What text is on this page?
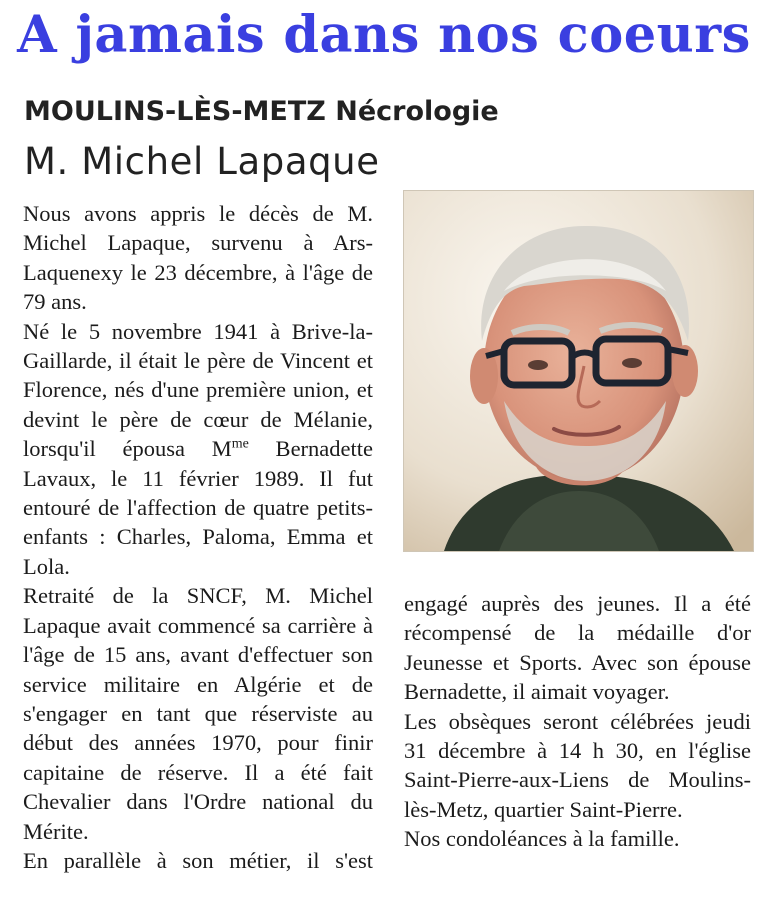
A jamais dans nos coeurs
MOULINS-LÈS-METZ Nécrologie
M. Michel Lapaque

Nous avons appris le décès de M. Michel Lapaque, survenu à Ars-Laquenexy le 23 décembre, à l'âge de 79 ans.

Né le 5 novembre 1941 à Brive-la-Gaillarde, il était le père de Vincent et Florence, nés d'une première union, et devint le père de cœur de Mélanie, lorsqu'il épousa $M^{me}$ Bernadette Lavaux, le 11 février 1989. Il fut entouré de l'affection de quatre petits-enfants : Charles, Paloma, Emma et Lola.

Retraité de la SNCF, M. Michel Lapaque avait commencé sa carrière à l'âge de 15 ans, avant d'effectuer son service militaire en Algérie et de s'engager en tant que réserviste au début des années 1970, pour finir capitaine de réserve. Il a été fait Chevalier dans l'Ordre national du Mérite.

En parallèle à son métier, il s'est

engagé auprès des jeunes. Il a été récompensé de la médaille d'or Jeunesse et Sports. Avec son épouse Bernadette, il aimait voyager.

Les obsèques seront célébrées jeudi 31 décembre à 14 h 30, en l'église Saint-Pierre-aux-Liens de Moulins-lès-Metz, quartier Saint-Pierre.

Nos condoléances à la famille.
